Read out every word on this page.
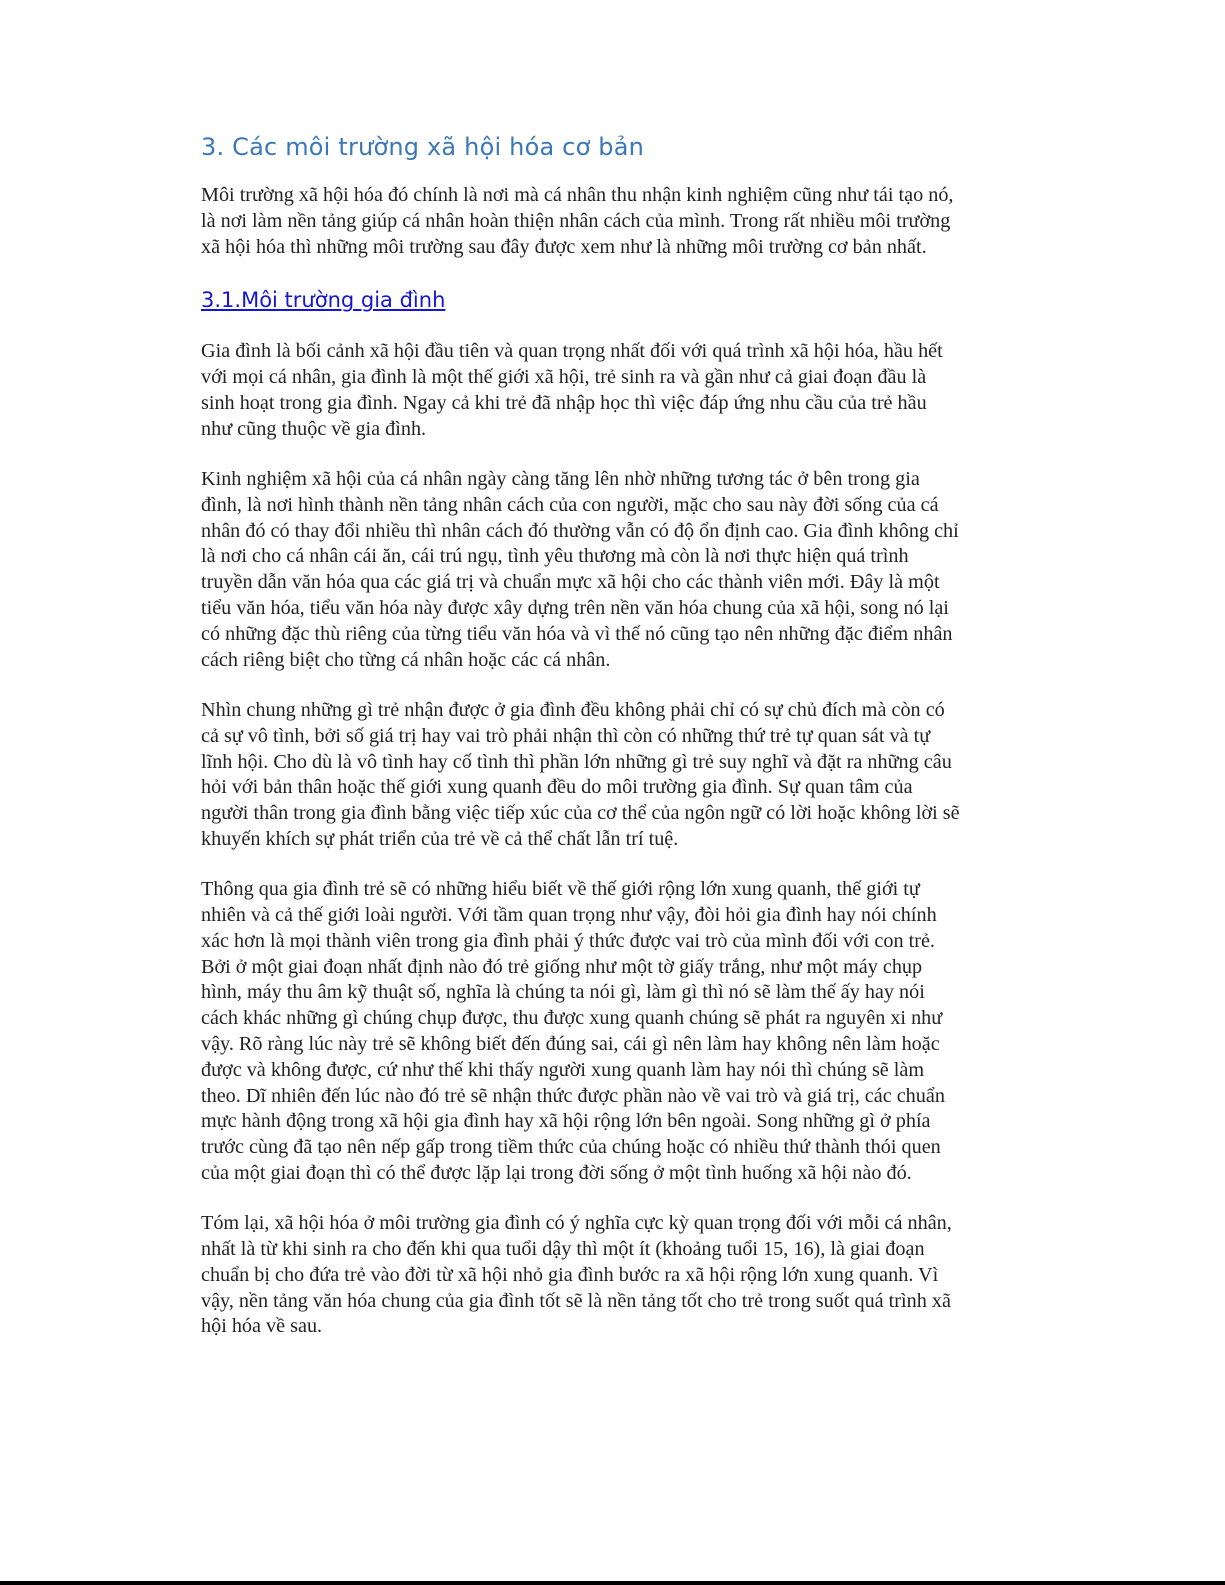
3. Các môi trường xã hội hóa cơ bản

Môi trường xã hội hóa đó chính là nơi mà cá nhân thu nhận kinh nghiệm cũng như tái tạo nó,
là nơi làm nền tảng giúp cá nhân hoàn thiện nhân cách của mình. Trong rất nhiều môi trường
xã hội hóa thì những môi trường sau đây được xem như là những môi trường cơ bản nhất.

3.1.Môi trường gia đình

Gia đình là bối cảnh xã hội đầu tiên và quan trọng nhất đối với quá trình xã hội hóa, hầu hết
với mọi cá nhân, gia đình là một thế giới xã hội, trẻ sinh ra và gần như cả giai đoạn đầu là
sinh hoạt trong gia đình. Ngay cả khi trẻ đã nhập học thì việc đáp ứng nhu cầu của trẻ hầu
như cũng thuộc về gia đình.

Kinh nghiệm xã hội của cá nhân ngày càng tăng lên nhờ những tương tác ở bên trong gia
đình, là nơi hình thành nền tảng nhân cách của con người, mặc cho sau này đời sống của cá
nhân đó có thay đổi nhiều thì nhân cách đó thường vẫn có độ ổn định cao. Gia đình không chỉ
là nơi cho cá nhân cái ăn, cái trú ngụ, tình yêu thương mà còn là nơi thực hiện quá trình
truyền dẫn văn hóa qua các giá trị và chuẩn mực xã hội cho các thành viên mới. Đây là một
tiểu văn hóa, tiểu văn hóa này được xây dựng trên nền văn hóa chung của xã hội, song nó lại
có những đặc thù riêng của từng tiểu văn hóa và vì thế nó cũng tạo nên những đặc điểm nhân
cách riêng biệt cho từng cá nhân hoặc các cá nhân.

Nhìn chung những gì trẻ nhận được ở gia đình đều không phải chỉ có sự chủ đích mà còn có
cả sự vô tình, bởi số giá trị hay vai trò phải nhận thì còn có những thứ trẻ tự quan sát và tự
lĩnh hội. Cho dù là vô tình hay cố tình thì phần lớn những gì trẻ suy nghĩ và đặt ra những câu
hỏi với bản thân hoặc thế giới xung quanh đều do môi trường gia đình. Sự quan tâm của
người thân trong gia đình bằng việc tiếp xúc của cơ thể của ngôn ngữ có lời hoặc không lời sẽ
khuyến khích sự phát triển của trẻ về cả thể chất lẫn trí tuệ.

Thông qua gia đình trẻ sẽ có những hiểu biết về thế giới rộng lớn xung quanh, thế giới tự
nhiên và cả thế giới loài người. Với tầm quan trọng như vậy, đòi hỏi gia đình hay nói chính
xác hơn là mọi thành viên trong gia đình phải ý thức được vai trò của mình đối với con trẻ.
Bởi ở một giai đoạn nhất định nào đó trẻ giống như một tờ giấy trắng, như một máy chụp
hình, máy thu âm kỹ thuật số, nghĩa là chúng ta nói gì, làm gì thì nó sẽ làm thế ấy hay nói
cách khác những gì chúng chụp được, thu được xung quanh chúng sẽ phát ra nguyên xi như
vậy. Rõ ràng lúc này trẻ sẽ không biết đến đúng sai, cái gì nên làm hay không nên làm hoặc
được và không được, cứ như thế khi thấy người xung quanh làm hay nói thì chúng sẽ làm
theo. Dĩ nhiên đến lúc nào đó trẻ sẽ nhận thức được phần nào về vai trò và giá trị, các chuẩn
mực hành động trong xã hội gia đình hay xã hội rộng lớn bên ngoài. Song những gì ở phía
trước cùng đã tạo nên nếp gấp trong tiềm thức của chúng hoặc có nhiều thứ thành thói quen
của một giai đoạn thì có thể được lặp lại trong đời sống ở một tình huống xã hội nào đó.

Tóm lại, xã hội hóa ở môi trường gia đình có ý nghĩa cực kỳ quan trọng đối với mỗi cá nhân,
nhất là từ khi sinh ra cho đến khi qua tuổi dậy thì một ít (khoảng tuổi 15, 16), là giai đoạn
chuẩn bị cho đứa trẻ vào đời từ xã hội nhỏ gia đình bước ra xã hội rộng lớn xung quanh. Vì
vậy, nền tảng văn hóa chung của gia đình tốt sẽ là nền tảng tốt cho trẻ trong suốt quá trình xã
hội hóa về sau.
